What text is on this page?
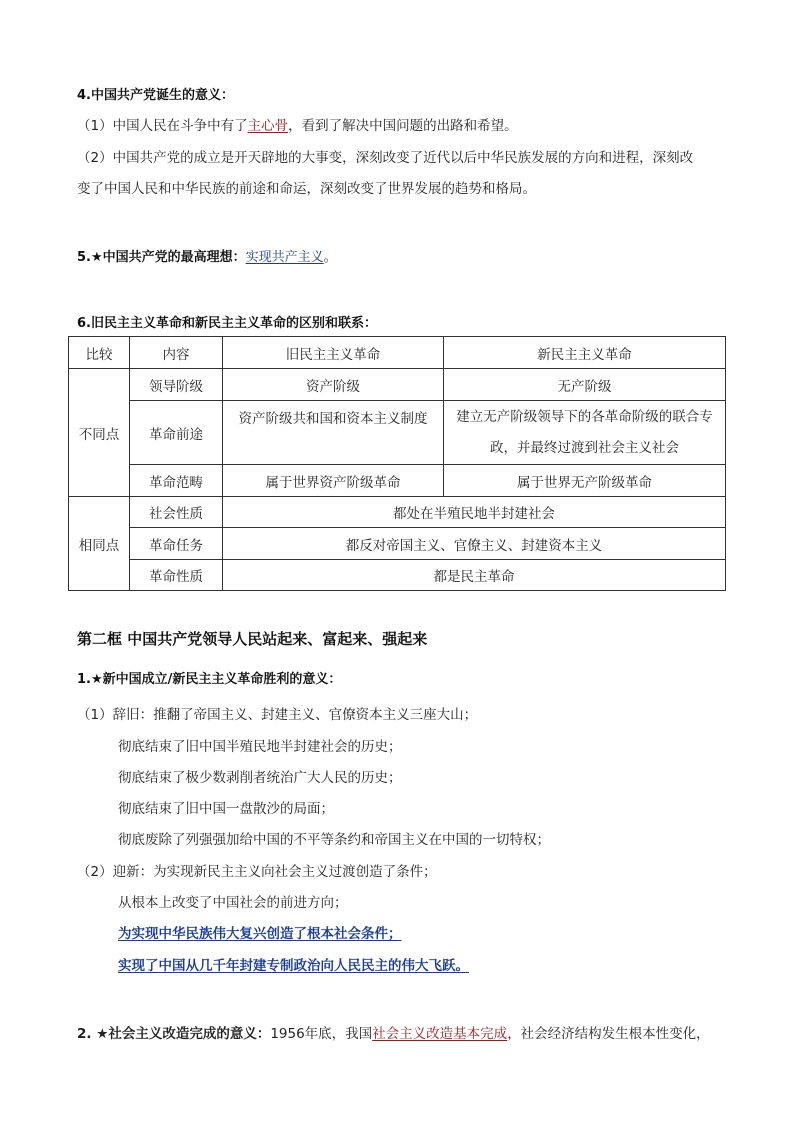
4.中国共产党诞生的意义：
（1）中国人民在斗争中有了主心骨，看到了解决中国问题的出路和希望。
（2）中国共产党的成立是开天辟地的大事变，深刻改变了近代以后中华民族发展的方向和进程，深刻改
变了中国人民和中华民族的前途和命运，深刻改变了世界发展的趋势和格局。
5.★中国共产党的最高理想：实现共产主义。
6.旧民主主义革命和新民主主义革命的区别和联系：
比较	内容	旧民主主义革命	新民主主义革命
不同点	领导阶级	资产阶级	无产阶级
	革命前途	资产阶级共和国和资本主义制度	建立无产阶级领导下的各革命阶级的联合专政，并最终过渡到社会主义社会
	革命范畴	属于世界资产阶级革命	属于世界无产阶级革命
相同点	社会性质	都处在半殖民地半封建社会	
	革命任务	都反对帝国主义、官僚主义、封建资本主义	
	革命性质	都是民主革命	
第二框 中国共产党领导人民站起来、富起来、强起来
1.★新中国成立/新民主主义革命胜利的意义：
（1）辞旧：推翻了帝国主义、封建主义、官僚资本主义三座大山；
彻底结束了旧中国半殖民地半封建社会的历史；
彻底结束了极少数剥削者统治广大人民的历史；
彻底结束了旧中国一盘散沙的局面；
彻底废除了列强强加给中国的不平等条约和帝国主义在中国的一切特权；
（2）迎新：为实现新民主主义向社会主义过渡创造了条件；
从根本上改变了中国社会的前进方向；
为实现中华民族伟大复兴创造了根本社会条件；
实现了中国从几千年封建专制政治向人民民主的伟大飞跃。
2. ★社会主义改造完成的意义：1956年底，我国社会主义改造基本完成，社会经济结构发生根本性变化，
